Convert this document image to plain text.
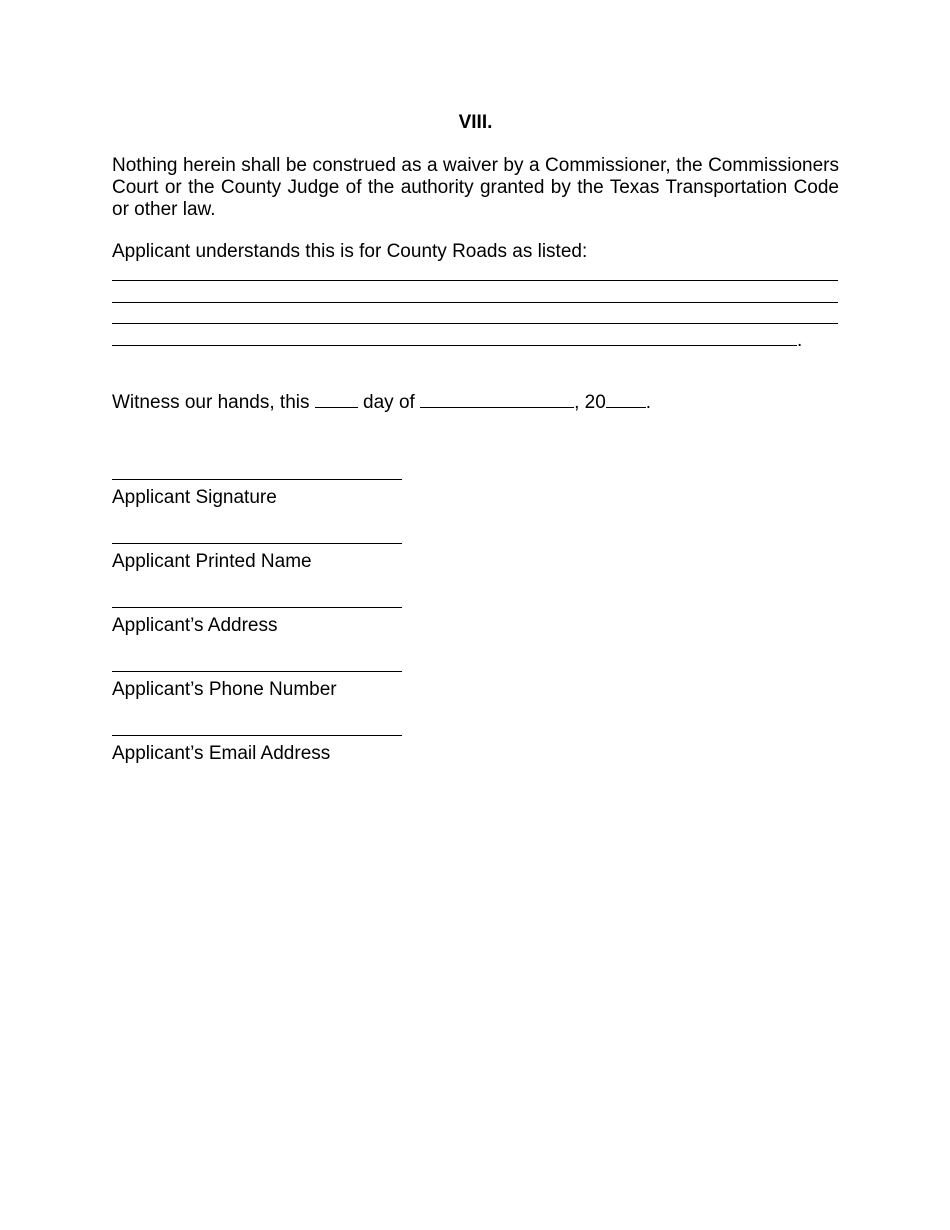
VIII.
Nothing herein shall be construed as a waiver by a Commissioner, the Commissioners Court or the County Judge of the authority granted by the Texas Transportation Code or other law.
Applicant understands this is for County Roads as listed:
.
Witness our hands, this	day of	, 20 .
Applicant Signature
Applicant Printed Name
Applicant’s Address
Applicant’s Phone Number
Applicant’s Email Address
